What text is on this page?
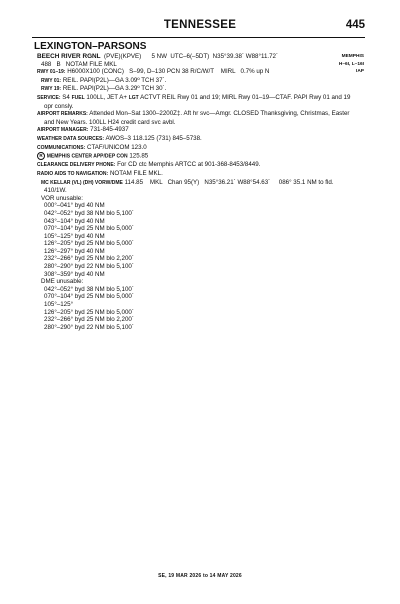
TENNESSEE	445
LEXINGTON–PARSONS
MEMPHIS
H–6I, L–16I
IAP
BEECH RIVER RGNL (PVE)(KPVE) 5 NW  UTC–6(–5DT)  N35°39.38´ W88°11.72´
488   B   NOTAM FILE MKL
RWY 01–19: H6000X100 (CONC)   S–99, D–130 PCN 38 R/C/W/T    MIRL   0.7% up N
RWY 01: REIL. PAPI(P2L)—GA 3.09º TCH 37´.
RWY 19: REIL. PAPI(P2L)—GA 3.29º TCH 30´.
SERVICE: S4 FUEL 100LL, JET A+ LGT ACTVT REIL Rwy 01 and 19; MIRL Rwy 01–19—CTAF. PAPI Rwy 01 and 19 opr consly.
AIRPORT REMARKS: Attended Mon–Sat 1300–2200Z‡. Aft hr svc—Amgr. CLOSED Thanksgiving, Christmas, Easter and New Years. 100LL H24 credit card svc avbl.
AIRPORT MANAGER: 731-845-4937
WEATHER DATA SOURCES: AWOS–3 118.125 (731) 845–5738.
COMMUNICATIONS: CTAF/UNICOM 123.0
R MEMPHIS CENTER APP/DEP CON 125.85
CLEARANCE DELIVERY PHONE: For CD ctc Memphis ARTCC at 901-368-8453/8449.
RADIO AIDS TO NAVIGATION: NOTAM FILE MKL.
MC KELLAR (VL) (DH) VORW/DME 114.85    MKL   Chan 95(Y)   N35°36.21´ W88°54.63´     086° 35.1 NM to fld.
410/1W.
VOR unusable:
000°–041° byd 40 NM
042°–052° byd 38 NM blo 5,100´
043°–104° byd 40 NM
070°–104° byd 25 NM blo 5,000´
105°–125° byd 40 NM
126°–205° byd 25 NM blo 5,000´
126°–297° byd 40 NM
232°–266° byd 25 NM blo 2,200´
280°–290° byd 22 NM blo 5,100´
308°–359° byd 40 NM
DME unusable:
042°–052° byd 38 NM blo 5,100´
070°–104° byd 25 NM blo 5,000´
105°–125°
126°–205° byd 25 NM blo 5,000´
232°–266° byd 25 NM blo 2,200´
280°–290° byd 22 NM blo 5,100´
SE, 19 MAR 2026 to 14 MAY 2026
